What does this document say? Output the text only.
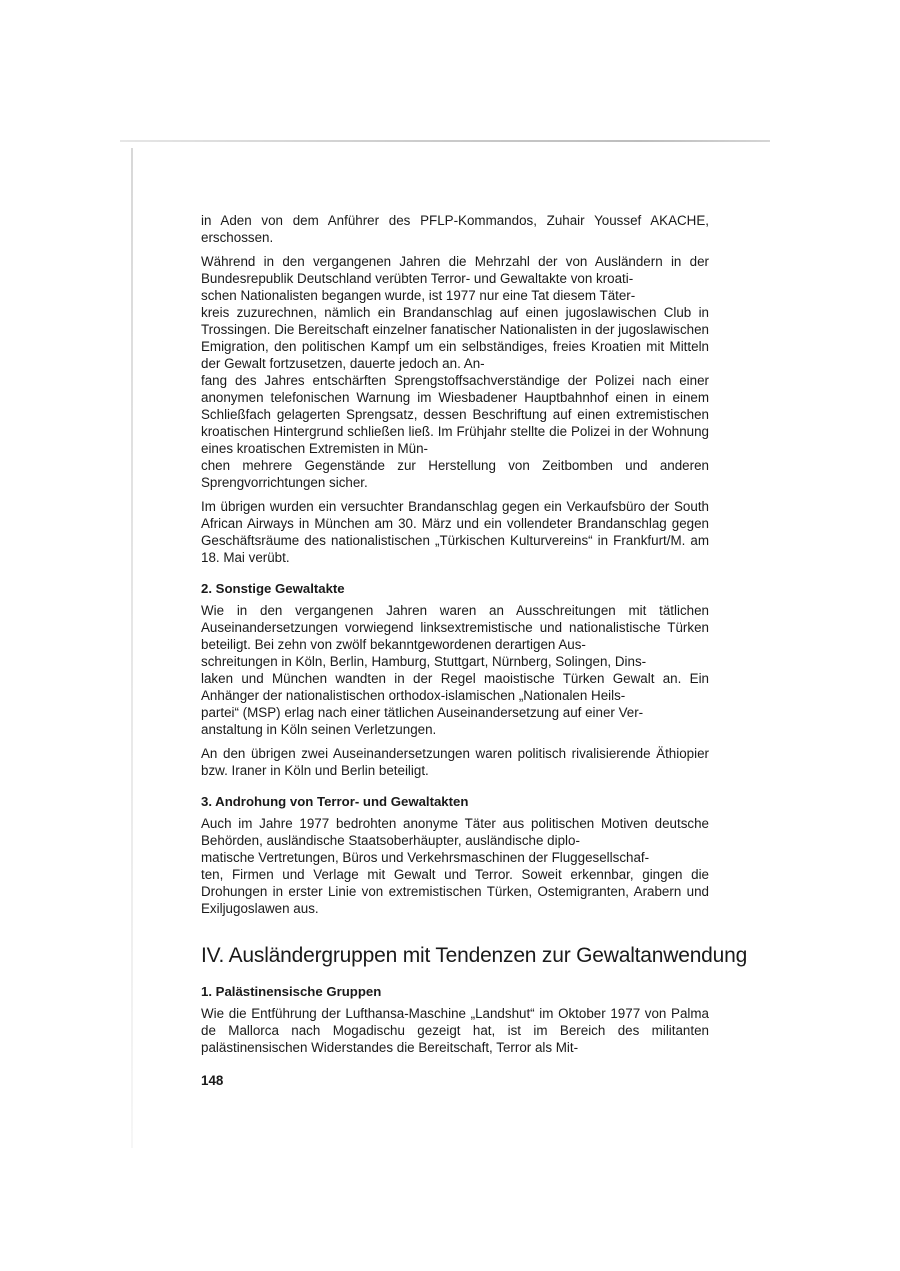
in Aden von dem Anführer des PFLP-Kommandos, Zuhair Youssef AKACHE, erschossen.

Während in den vergangenen Jahren die Mehrzahl der von Ausländern in der Bundesrepublik Deutschland verübten Terror- und Gewaltakte von kroati-
schen Nationalisten begangen wurde, ist 1977 nur eine Tat diesem Täter-
kreis zuzurechnen, nämlich ein Brandanschlag auf einen jugoslawischen Club in Trossingen. Die Bereitschaft einzelner fanatischer Nationalisten in der jugoslawischen Emigration, den politischen Kampf um ein selbständiges, freies Kroatien mit Mitteln der Gewalt fortzusetzen, dauerte jedoch an. An-
fang des Jahres entschärften Sprengstoffsachverständige der Polizei nach einer anonymen telefonischen Warnung im Wiesbadener Hauptbahnhof einen in einem Schließfach gelagerten Sprengsatz, dessen Beschriftung auf einen extremistischen kroatischen Hintergrund schließen ließ. Im Frühjahr stellte die Polizei in der Wohnung eines kroatischen Extremisten in Mün-
chen mehrere Gegenstände zur Herstellung von Zeitbomben und anderen Sprengvorrichtungen sicher.

Im übrigen wurden ein versuchter Brandanschlag gegen ein Verkaufsbüro der South African Airways in München am 30. März und ein vollendeter Brandanschlag gegen Geschäftsräume des nationalistischen „Türkischen Kulturvereins“ in Frankfurt/M. am 18. Mai verübt.

2. Sonstige Gewaltakte

Wie in den vergangenen Jahren waren an Ausschreitungen mit tätlichen Auseinandersetzungen vorwiegend linksextremistische und nationalistische Türken beteiligt. Bei zehn von zwölf bekanntgewordenen derartigen Aus-
schreitungen in Köln, Berlin, Hamburg, Stuttgart, Nürnberg, Solingen, Dins-
laken und München wandten in der Regel maoistische Türken Gewalt an. Ein Anhänger der nationalistischen orthodox-islamischen „Nationalen Heils-
partei“ (MSP) erlag nach einer tätlichen Auseinandersetzung auf einer Ver-
anstaltung in Köln seinen Verletzungen.

An den übrigen zwei Auseinandersetzungen waren politisch rivalisierende Äthiopier bzw. Iraner in Köln und Berlin beteiligt.

3. Androhung von Terror- und Gewaltakten

Auch im Jahre 1977 bedrohten anonyme Täter aus politischen Motiven deutsche Behörden, ausländische Staatsoberhäupter, ausländische diplo-
matische Vertretungen, Büros und Verkehrsmaschinen der Fluggesellschaf-
ten, Firmen und Verlage mit Gewalt und Terror. Soweit erkennbar, gingen die Drohungen in erster Linie von extremistischen Türken, Ostemigranten, Arabern und Exiljugoslawen aus.

IV. Ausländergruppen mit Tendenzen zur Gewaltanwendung
1. Palästinensische Gruppen

Wie die Entführung der Lufthansa-Maschine „Landshut“ im Oktober 1977 von Palma de Mallorca nach Mogadischu gezeigt hat, ist im Bereich des militanten palästinensischen Widerstandes die Bereitschaft, Terror als Mit-

148
